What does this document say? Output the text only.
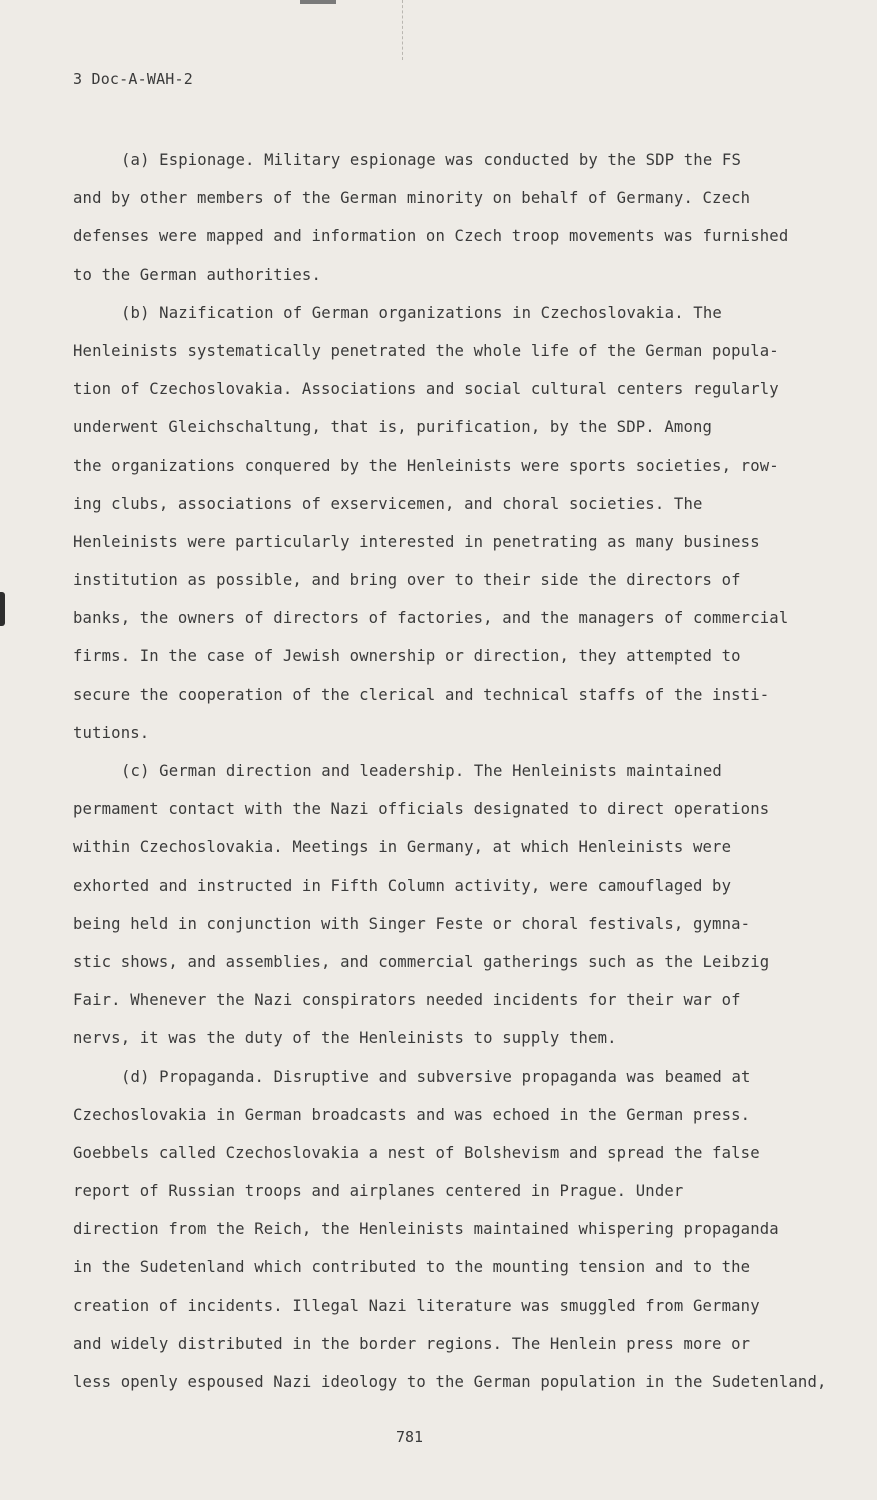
3 Doc-A-WAH-2
(a) Espionage. Military espionage was conducted by the SDP the FS
and by other members of the German minority on behalf of Germany. Czech
defenses were mapped and information on Czech troop movements was furnished
to the German authorities.
(b) Nazification of German organizations in Czechoslovakia. The
Henleinists systematically penetrated the whole life of the German popula-
tion of Czechoslovakia. Associations and social cultural centers regularly
underwent Gleichschaltung, that is, purification, by the SDP. Among
the organizations conquered by the Henleinists were sports societies, row-
ing clubs, associations of exservicemen, and choral societies. The
Henleinists were particularly interested in penetrating as many business
institution as possible, and bring over to their side the directors of
banks, the owners of directors of factories, and the managers of commercial
firms. In the case of Jewish ownership or direction, they attempted to
secure the cooperation of the clerical and technical staffs of the insti-
tutions.
(c) German direction and leadership. The Henleinists maintained
permament contact with the Nazi officials designated to direct operations
within Czechoslovakia. Meetings in Germany, at which Henleinists were
exhorted and instructed in Fifth Column activity, were camouflaged by
being held in conjunction with Singer Feste or choral festivals, gymna-
stic shows, and assemblies, and commercial gatherings such as the Leibzig
Fair. Whenever the Nazi conspirators needed incidents for their war of
nervs, it was the duty of the Henleinists to supply them.
(d) Propaganda. Disruptive and subversive propaganda was beamed at
Czechoslovakia in German broadcasts and was echoed in the German press.
Goebbels called Czechoslovakia a nest of Bolshevism and spread the false
report of Russian troops and airplanes centered in Prague. Under
direction from the Reich, the Henleinists maintained whispering propaganda
in the Sudetenland which contributed to the mounting tension and to the
creation of incidents. Illegal Nazi literature was smuggled from Germany
and widely distributed in the border regions. The Henlein press more or
less openly espoused Nazi ideology to the German population in the Sudetenland,
781
